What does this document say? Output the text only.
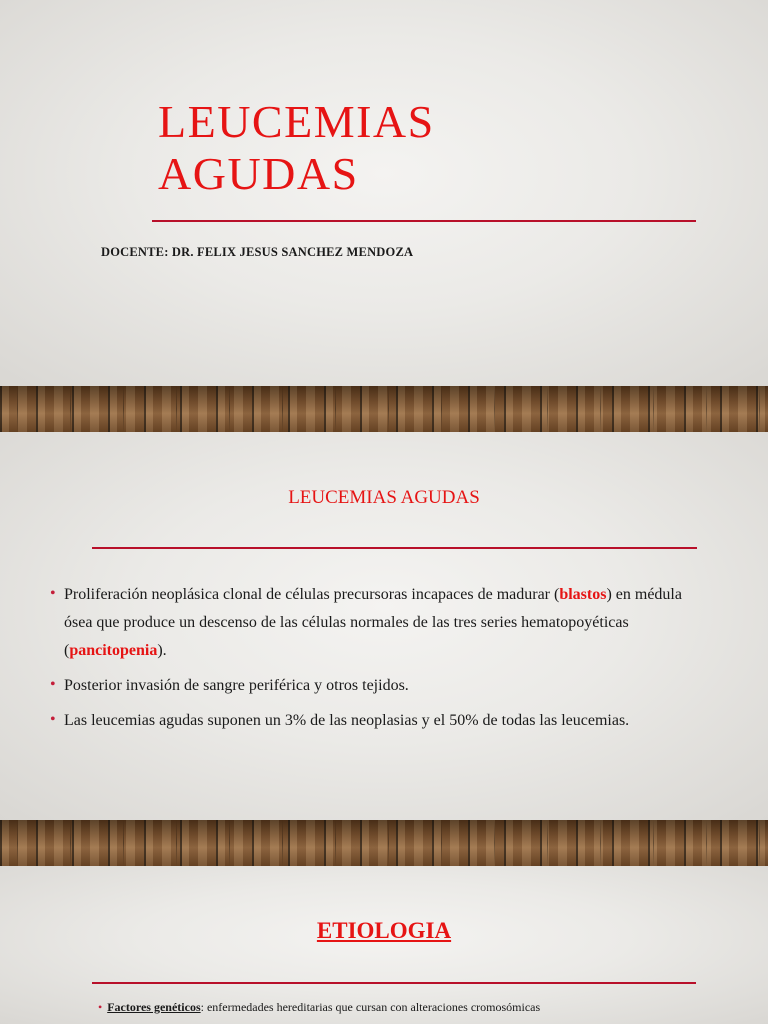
LEUCEMIAS
AGUDAS

DOCENTE: DR. FELIX JESUS SANCHEZ MENDOZA

LEUCEMIAS AGUDAS
• Proliferación neoplásica clonal de células precursoras incapaces de madurar (blastos) en médula ósea que produce un descenso de las células normales de las tres series hematopoyéticas (pancitopenia).
• Posterior invasión de sangre periférica y otros tejidos.
• Las leucemias agudas suponen un 3% de las neoplasias y el 50% de todas las leucemias.
ETIOLOGIA

• Factores genéticos: enfermedades hereditarias que cursan con alteraciones cromosómicas
